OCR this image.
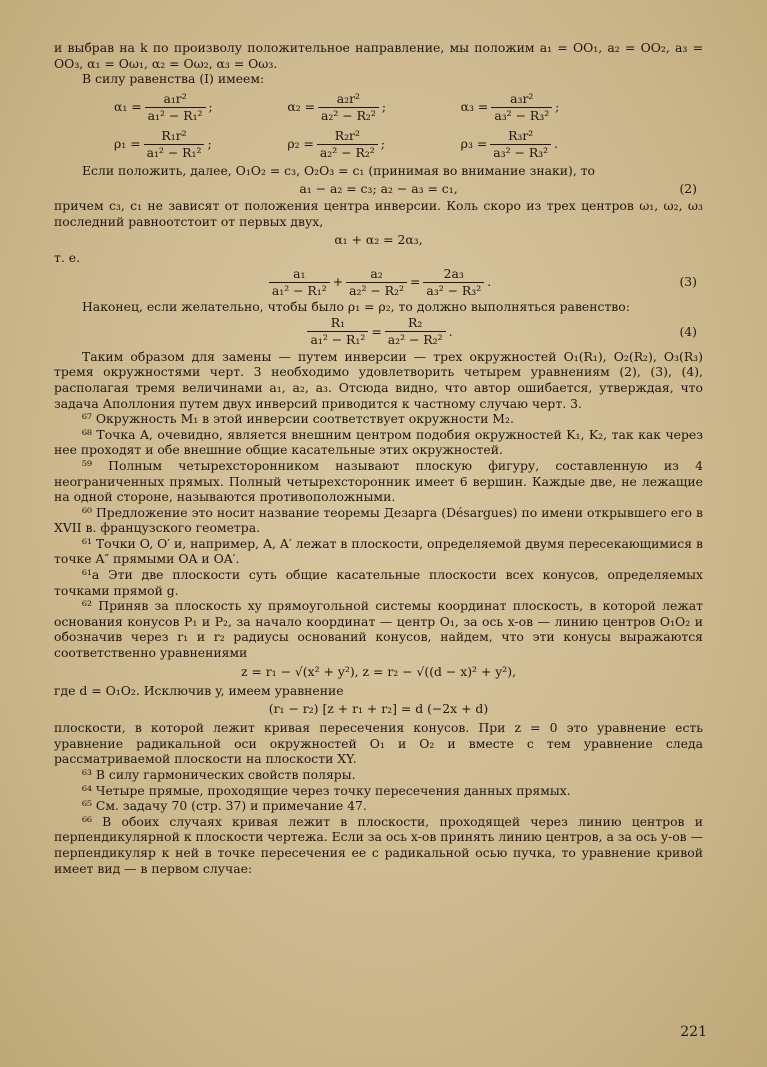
и выбрав на k по произволу положительное направление, мы положим a₁ = OO₁, a₂ = OO₂, a₃ = OO₃, α₁ = Oω₁, α₂ = Oω₂, α₃ = Oω₃.

В силу равенства (I) имеем:

$\alpha_1 = \frac{\text{a₁r²}}{\text{a₁² − R₁²}}$ ;	$\alpha_2 = \frac{\text{a₂r²}}{\text{a₂² − R₂²}}$ ;	$\alpha_3 = \frac{\text{a₃r²}}{\text{a₃² − R₃²}}$ ;
$\rho_1 = \frac{\text{R₁r²}}{\text{a₁² − R₁²}}$ ;	$\rho_2 = \frac{\text{R₂r²}}{\text{a₂² − R₂²}}$ ;	$\rho_3 = \frac{\text{R₃r²}}{\text{a₃² − R₃²}}$ .

Если положить, далее, O₁O₂ = c₃, O₂O₃ = c₁ (принимая во внимание знаки), то

a₁ − a₂ = c₃; a₂ − a₃ = c₁,	(2)

причем c₃, c₁ не зависят от положения центра инверсии. Коль скоро из трех центров ω₁, ω₂, ω₃ последний равноотстоит от первых двух,

α₁ + α₂ = 2α₃,

т. е.

a₁
a₁² − R₁²
+ $\frac{\text{a₂}}{\text{a₂² − R₂²}} = \frac{\text{2a₃}}{\text{a₃² − R₃²}}$ .	(3)

Наконец, если желательно, чтобы было ρ₁ = ρ₂, то должно выполняться равенство:

$\frac{\text{R₁}}{\text{a₁² − R₁²}} = \frac{\text{R₂}}{\text{a₂² − R₂²}}$ .	(4)

Таким образом для замены — путем инверсии — трех окружностей O₁(R₁), O₂(R₂), O₃(R₃) тремя окружностями черт. 3 необходимо удовлетворить четырем уравнениям (2), (3), (4), располагая тремя величинами a₁, a₂, a₃. Отсюда видно, что автор ошибается, утверждая, что задача Аполлония путем двух инверсий приводится к частному случаю черт. 3.

⁶⁷ Окружность M₁ в этой инверсии соответствует окружности M₂.

⁶⁸ Точка A, очевидно, является внешним центром подобия окружностей K₁, K₂, так как через нее проходят и обе внешние общие касательные этих окружностей.

⁵⁹ Полным четырехсторонником называют плоскую фигуру, составленную из 4 неограниченных прямых. Полный четырехсторонник имеет 6 вершин. Каждые две, не лежащие на одной стороне, называются противоположными.

⁶⁰ Предложение это носит название теоремы Дезарга (Désargues) по имени открывшего его в XVII в. французского геометра.

⁶¹ Точки O, O′ и, например, A, A′ лежат в плоскости, определяемой двумя пересекающимися в точке A″ прямыми OA и OA′.

⁶¹а Эти две плоскости суть общие касательные плоскости всех конусов, определяемых точками прямой g.

⁶² Приняв за плоскость xy прямоугольной системы координат плоскость, в которой лежат основания конусов P₁ и P₂, за начало координат — центр O₁, за ось x-ов — линию центров O₁O₂ и обозначив через r₁ и r₂ радиусы оснований конусов, найдем, что эти конусы выражаются соответственно уравнениями

z = r₁ − √(x² + y²), z = r₂ − √((d − x)² + y²),

где d = O₁O₂. Исключив y, имеем уравнение

(r₁ − r₂) [z + r₁ + r₂] = d (−2x + d)

плоскости, в которой лежит кривая пересечения конусов. При z = 0 это уравнение есть уравнение радикальной оси окружностей O₁ и O₂ и вместе с тем уравнение следа рассматриваемой плоскости на плоскости XY.

⁶³ В силу гармонических свойств поляры.

⁶⁴ Четыре прямые, проходящие через точку пересечения данных прямых.

⁶⁵ См. задачу 70 (стр. 37) и примечание 47.

⁶⁶ В обоих случаях кривая лежит в плоскости, проходящей через линию центров и перпендикулярной к плоскости чертежа. Если за ось x-ов принять линию центров, а за ось y-ов — перпендикуляр к ней в точке пересечения ее с радикальной осью пучка, то уравнение кривой имеет вид — в первом случае:

221
